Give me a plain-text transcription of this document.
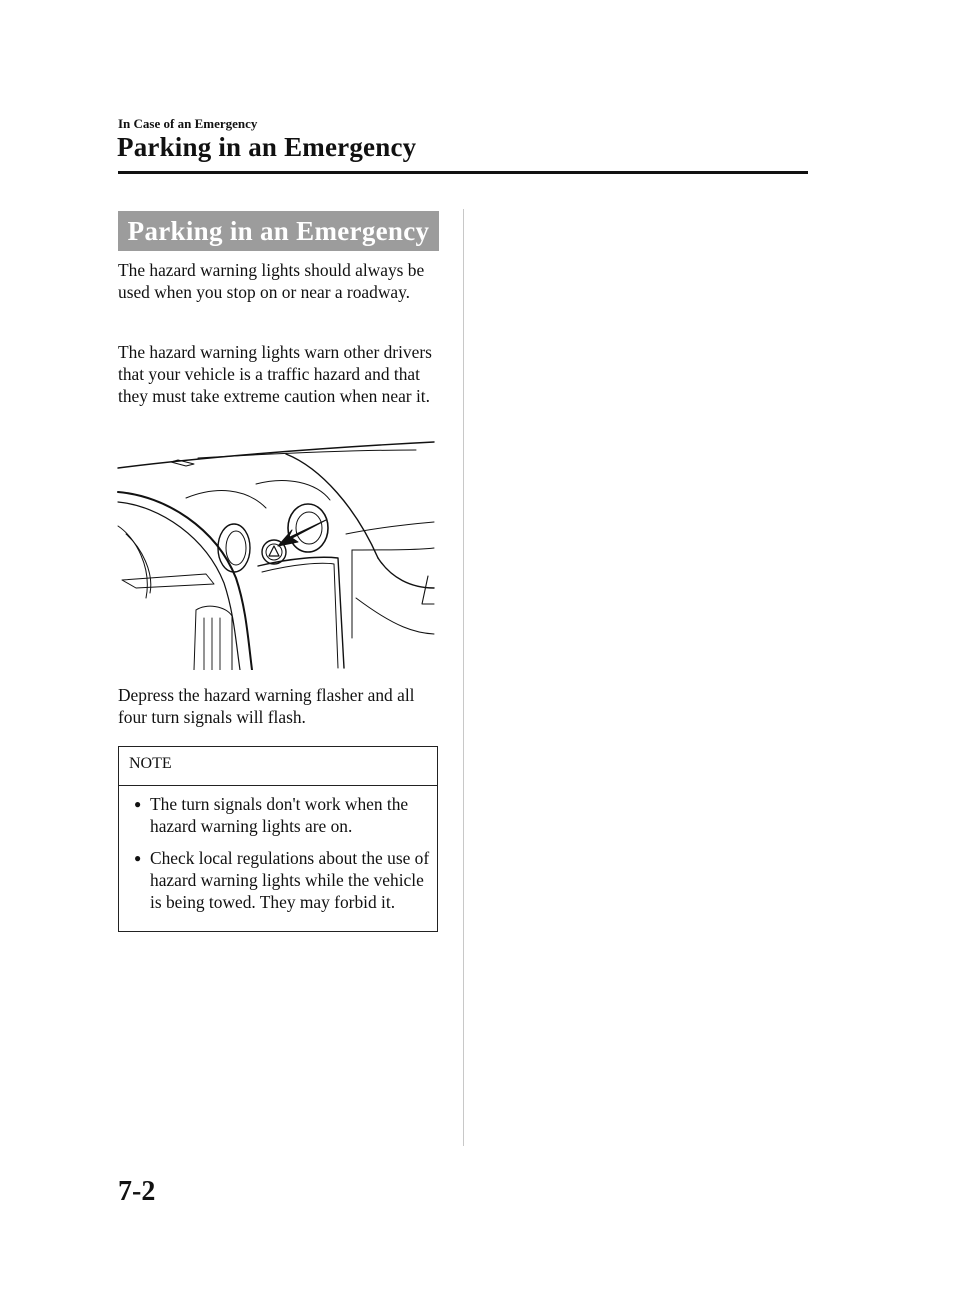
In Case of an Emergency
Parking in an Emergency
Parking in an Emergency

The hazard warning lights should always be used when you stop on or near a roadway.

The hazard warning lights warn other drivers that your vehicle is a traffic hazard and that they must take extreme caution when near it.

Depress the hazard warning flasher and all four turn signals will flash.

NOTE
● The turn signals don't work when the hazard warning lights are on.
● Check local regulations about the use of hazard warning lights while the vehicle is being towed. They may forbid it.
7-2
